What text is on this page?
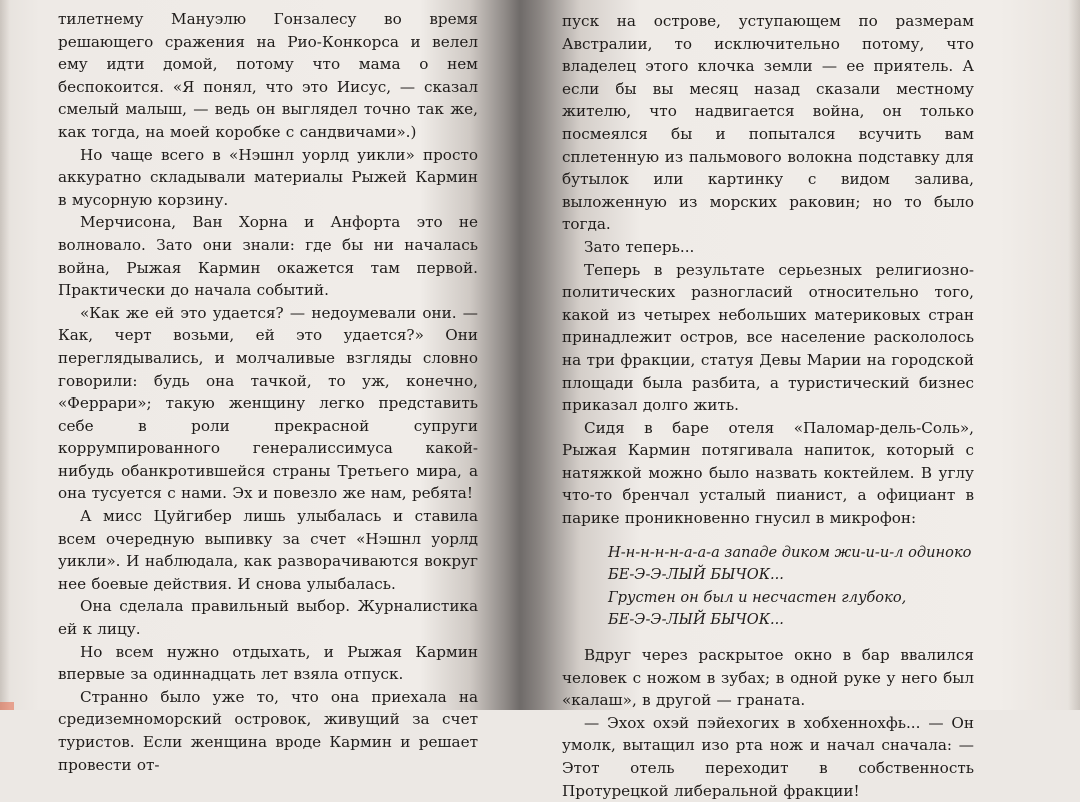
тилетнему Мануэлю Гонзалесу во время решающего сражения на Рио-Конкорса и велел ему идти домой, потому что мама о нем беспокоится. «Я понял, что это Иисус, — сказал смелый малыш, — ведь он выглядел точно так же, как тогда, на моей коробке с сандвичами».)

Но чаще всего в «Нэшнл уорлд уикли» просто аккуратно складывали материалы Рыжей Кармин в мусорную корзину.

Мерчисона, Ван Хорна и Анфорта это не волновало. Зато они знали: где бы ни началась война, Рыжая Кармин окажется там первой. Практически до начала событий.

«Как же ей это удается? — недоумевали они. — Как, черт возьми, ей это удается?» Они переглядывались, и молчаливые взгляды словно говорили: будь она тачкой, то уж, конечно, «Феррари»; такую женщину легко представить себе в роли прекрасной супруги коррумпированного генералиссимуса какой-нибудь обанкротившейся страны Третьего мира, а она тусуется с нами. Эх и повезло же нам, ребята!

А мисс Цуйгибер лишь улыбалась и ставила всем очередную выпивку за счет «Нэшнл уорлд уикли». И наблюдала, как разворачиваются вокруг нее боевые действия. И снова улыбалась.

Она сделала правильный выбор. Журналистика ей к лицу.

Но всем нужно отдыхать, и Рыжая Кармин впервые за одиннадцать лет взяла отпуск.

Странно было уже то, что она приехала на средиземноморский островок, живущий за счет туристов. Если женщина вроде Кармин и решает провести от-

пуск на острове, уступающем по размерам Австралии, то исключительно потому, что владелец этого клочка земли — ее приятель. А если бы вы месяц назад сказали местному жителю, что надвигается война, он только посмеялся бы и попытался всучить вам сплетенную из пальмового волокна подставку для бутылок или картинку с видом залива, выложенную из морских раковин; но то было тогда.

Зато теперь...

Теперь в результате серьезных религиозно-политических разногласий относительно того, какой из четырех небольших материковых стран принадлежит остров, все население раскололось на три фракции, статуя Девы Марии на городской площади была разбита, а туристический бизнес приказал долго жить.

Сидя в баре отеля «Паломар-дель-Соль», Рыжая Кармин потягивала напиток, который с натяжкой можно было назвать коктейлем. В углу что-то бренчал усталый пианист, а официант в парике проникновенно гнусил в микрофон:

Н-н-н-н-н-а-а-а западе диком жи-и-и-л одиноко
БЕ-Э-Э-ЛЫЙ БЫЧОК...
Грустен он был и несчастен глубоко,
БЕ-Э-Э-ЛЫЙ БЫЧОК...

Вдруг через раскрытое окно в бар ввалился человек с ножом в зубах; в одной руке у него был «калаш», в другой — граната.

— Эхох охэй пэйехогих в хобхеннохфь... — Он умолк, вытащил изо рта нож и начал сначала: — Этот отель переходит в собственность Протурецкой либеральной фракции!
